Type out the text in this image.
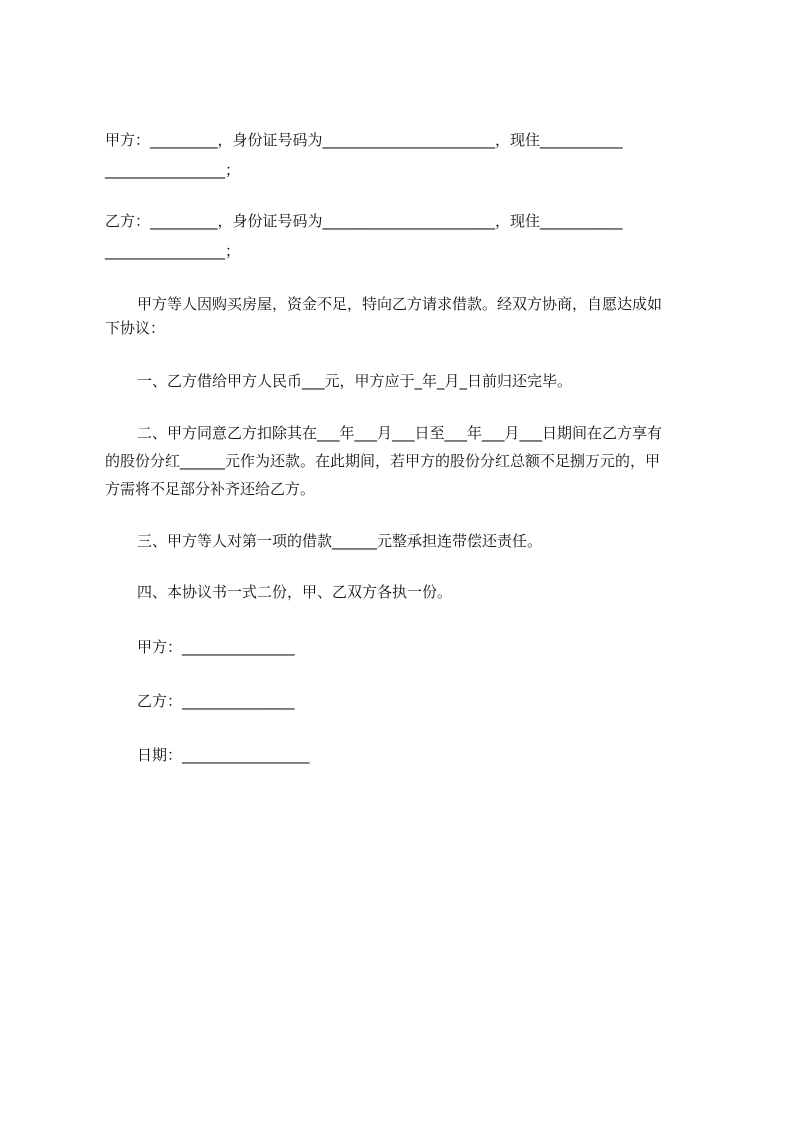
甲方：_________，身份证号码为_______________________，现住___________

________________；

乙方：_________，身份证号码为_______________________，现住___________

________________；

甲方等人因购买房屋，资金不足，特向乙方请求借款。经双方协商，自愿达成如

下协议：

一、乙方借给甲方人民币___元，甲方应于_年_月_日前归还完毕。

二、甲方同意乙方扣除其在___年___月___日至___年___月___日期间在乙方享有

的股份分红______元作为还款。在此期间，若甲方的股份分红总额不足捌万元的，甲

方需将不足部分补齐还给乙方。

三、甲方等人对第一项的借款______元整承担连带偿还责任。

四、本协议书一式二份，甲、乙双方各执一份。

甲方：_______________

乙方：_______________

日期：_________________
